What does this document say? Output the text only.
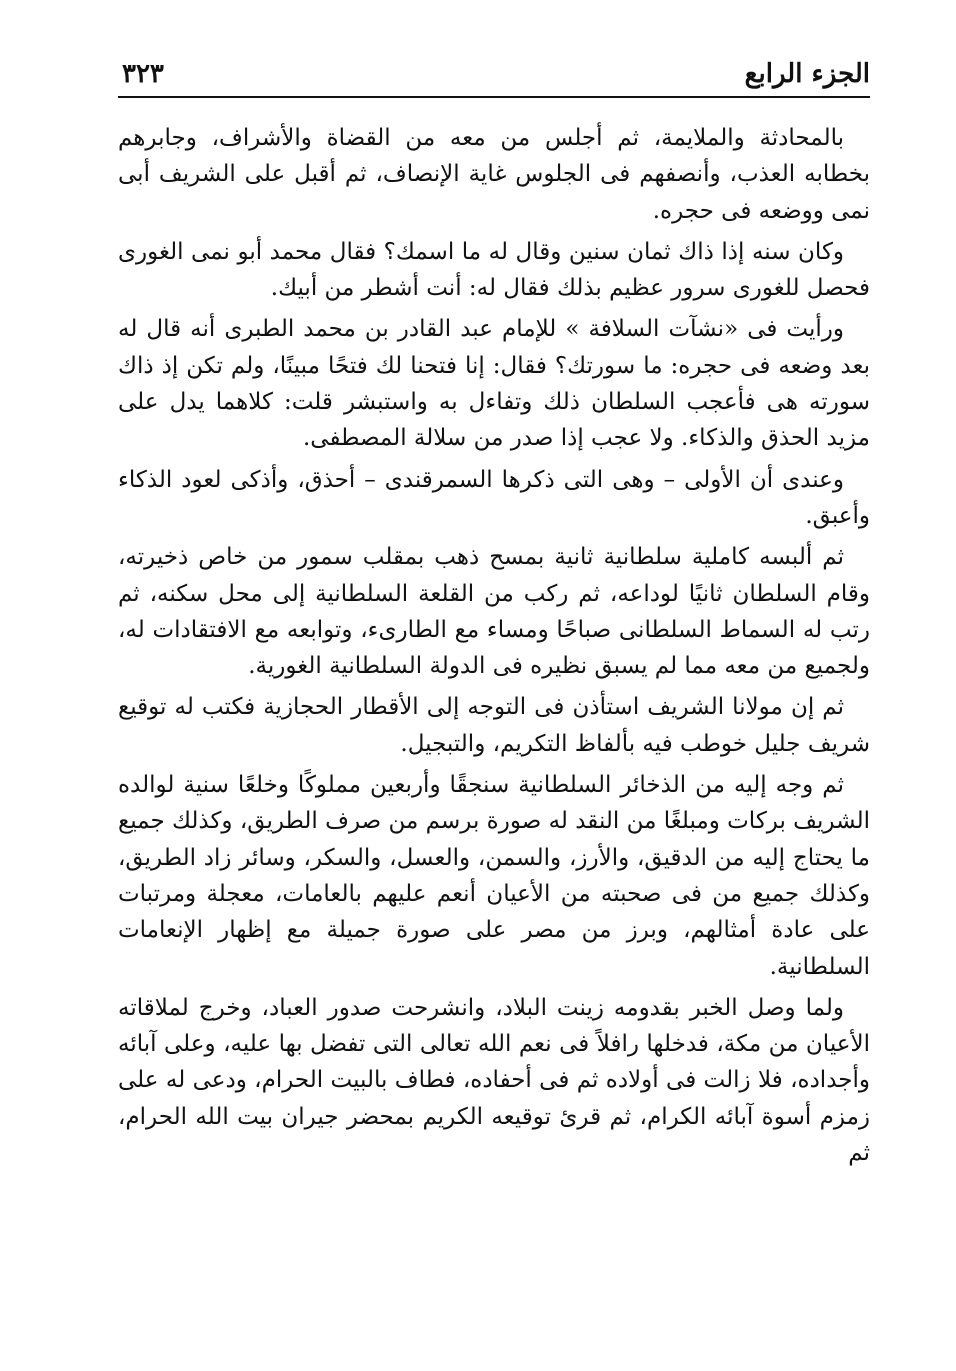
الجزء الرابع
٣٢٣

بالمحادثة والملايمة، ثم أجلس من معه من القضاة والأشراف، وجابرهم بخطابه العذب، وأنصفهم فى الجلوس غاية الإنصاف، ثم أقبل على الشريف أبى نمى ووضعه فى حجره.

وكان سنه إذا ذاك ثمان سنين وقال له ما اسمك؟ فقال محمد أبو نمى الغورى فحصل للغورى سرور عظيم بذلك فقال له: أنت أشطر من أبيك.

ورأيت فى «نشآت السلافة » للإمام عبد القادر بن محمد الطبرى أنه قال له بعد وضعه فى حجره: ما سورتك؟ فقال: إنا فتحنا لك فتحًا مبينًا، ولم تكن إذ ذاك سورته هى فأعجب السلطان ذلك وتفاءل به واستبشر قلت: كلاهما يدل على مزيد الحذق والذكاء. ولا عجب إذا صدر من سلالة المصطفى.

وعندى أن الأولى – وهى التى ذكرها السمرقندى – أحذق، وأذكى لعود الذكاء وأعبق.

ثم ألبسه كاملية سلطانية ثانية بمسح ذهب بمقلب سمور من خاص ذخيرته، وقام السلطان ثانيًا لوداعه، ثم ركب من القلعة السلطانية إلى محل سكنه، ثم رتب له السماط السلطانى صباحًا ومساء مع الطارىء، وتوابعه مع الافتقادات له، ولجميع من معه مما لم يسبق نظيره فى الدولة السلطانية الغورية.

ثم إن مولانا الشريف استأذن فى التوجه إلى الأقطار الحجازية فكتب له توقيع شريف جليل خوطب فيه بألفاظ التكريم، والتبجيل.

ثم وجه إليه من الذخائر السلطانية سنجقًا وأربعين مملوكًا وخلعًا سنية لوالده الشريف بركات ومبلغًا من النقد له صورة برسم من صرف الطريق، وكذلك جميع ما يحتاج إليه من الدقيق، والأرز، والسمن، والعسل، والسكر، وسائر زاد الطريق، وكذلك جميع من فى صحبته من الأعيان أنعم عليهم بالعامات، معجلة ومرتبات على عادة أمثالهم، وبرز من مصر على صورة جميلة مع إظهار الإنعامات السلطانية.

ولما وصل الخبر بقدومه زينت البلاد، وانشرحت صدور العباد، وخرج لملاقاته الأعيان من مكة، فدخلها رافلاً فى نعم الله تعالى التى تفضل بها عليه، وعلى آبائه وأجداده، فلا زالت فى أولاده ثم فى أحفاده، فطاف بالبيت الحرام، ودعى له على زمزم أسوة آبائه الكرام، ثم قرئ توقيعه الكريم بمحضر جيران بيت الله الحرام، ثم
